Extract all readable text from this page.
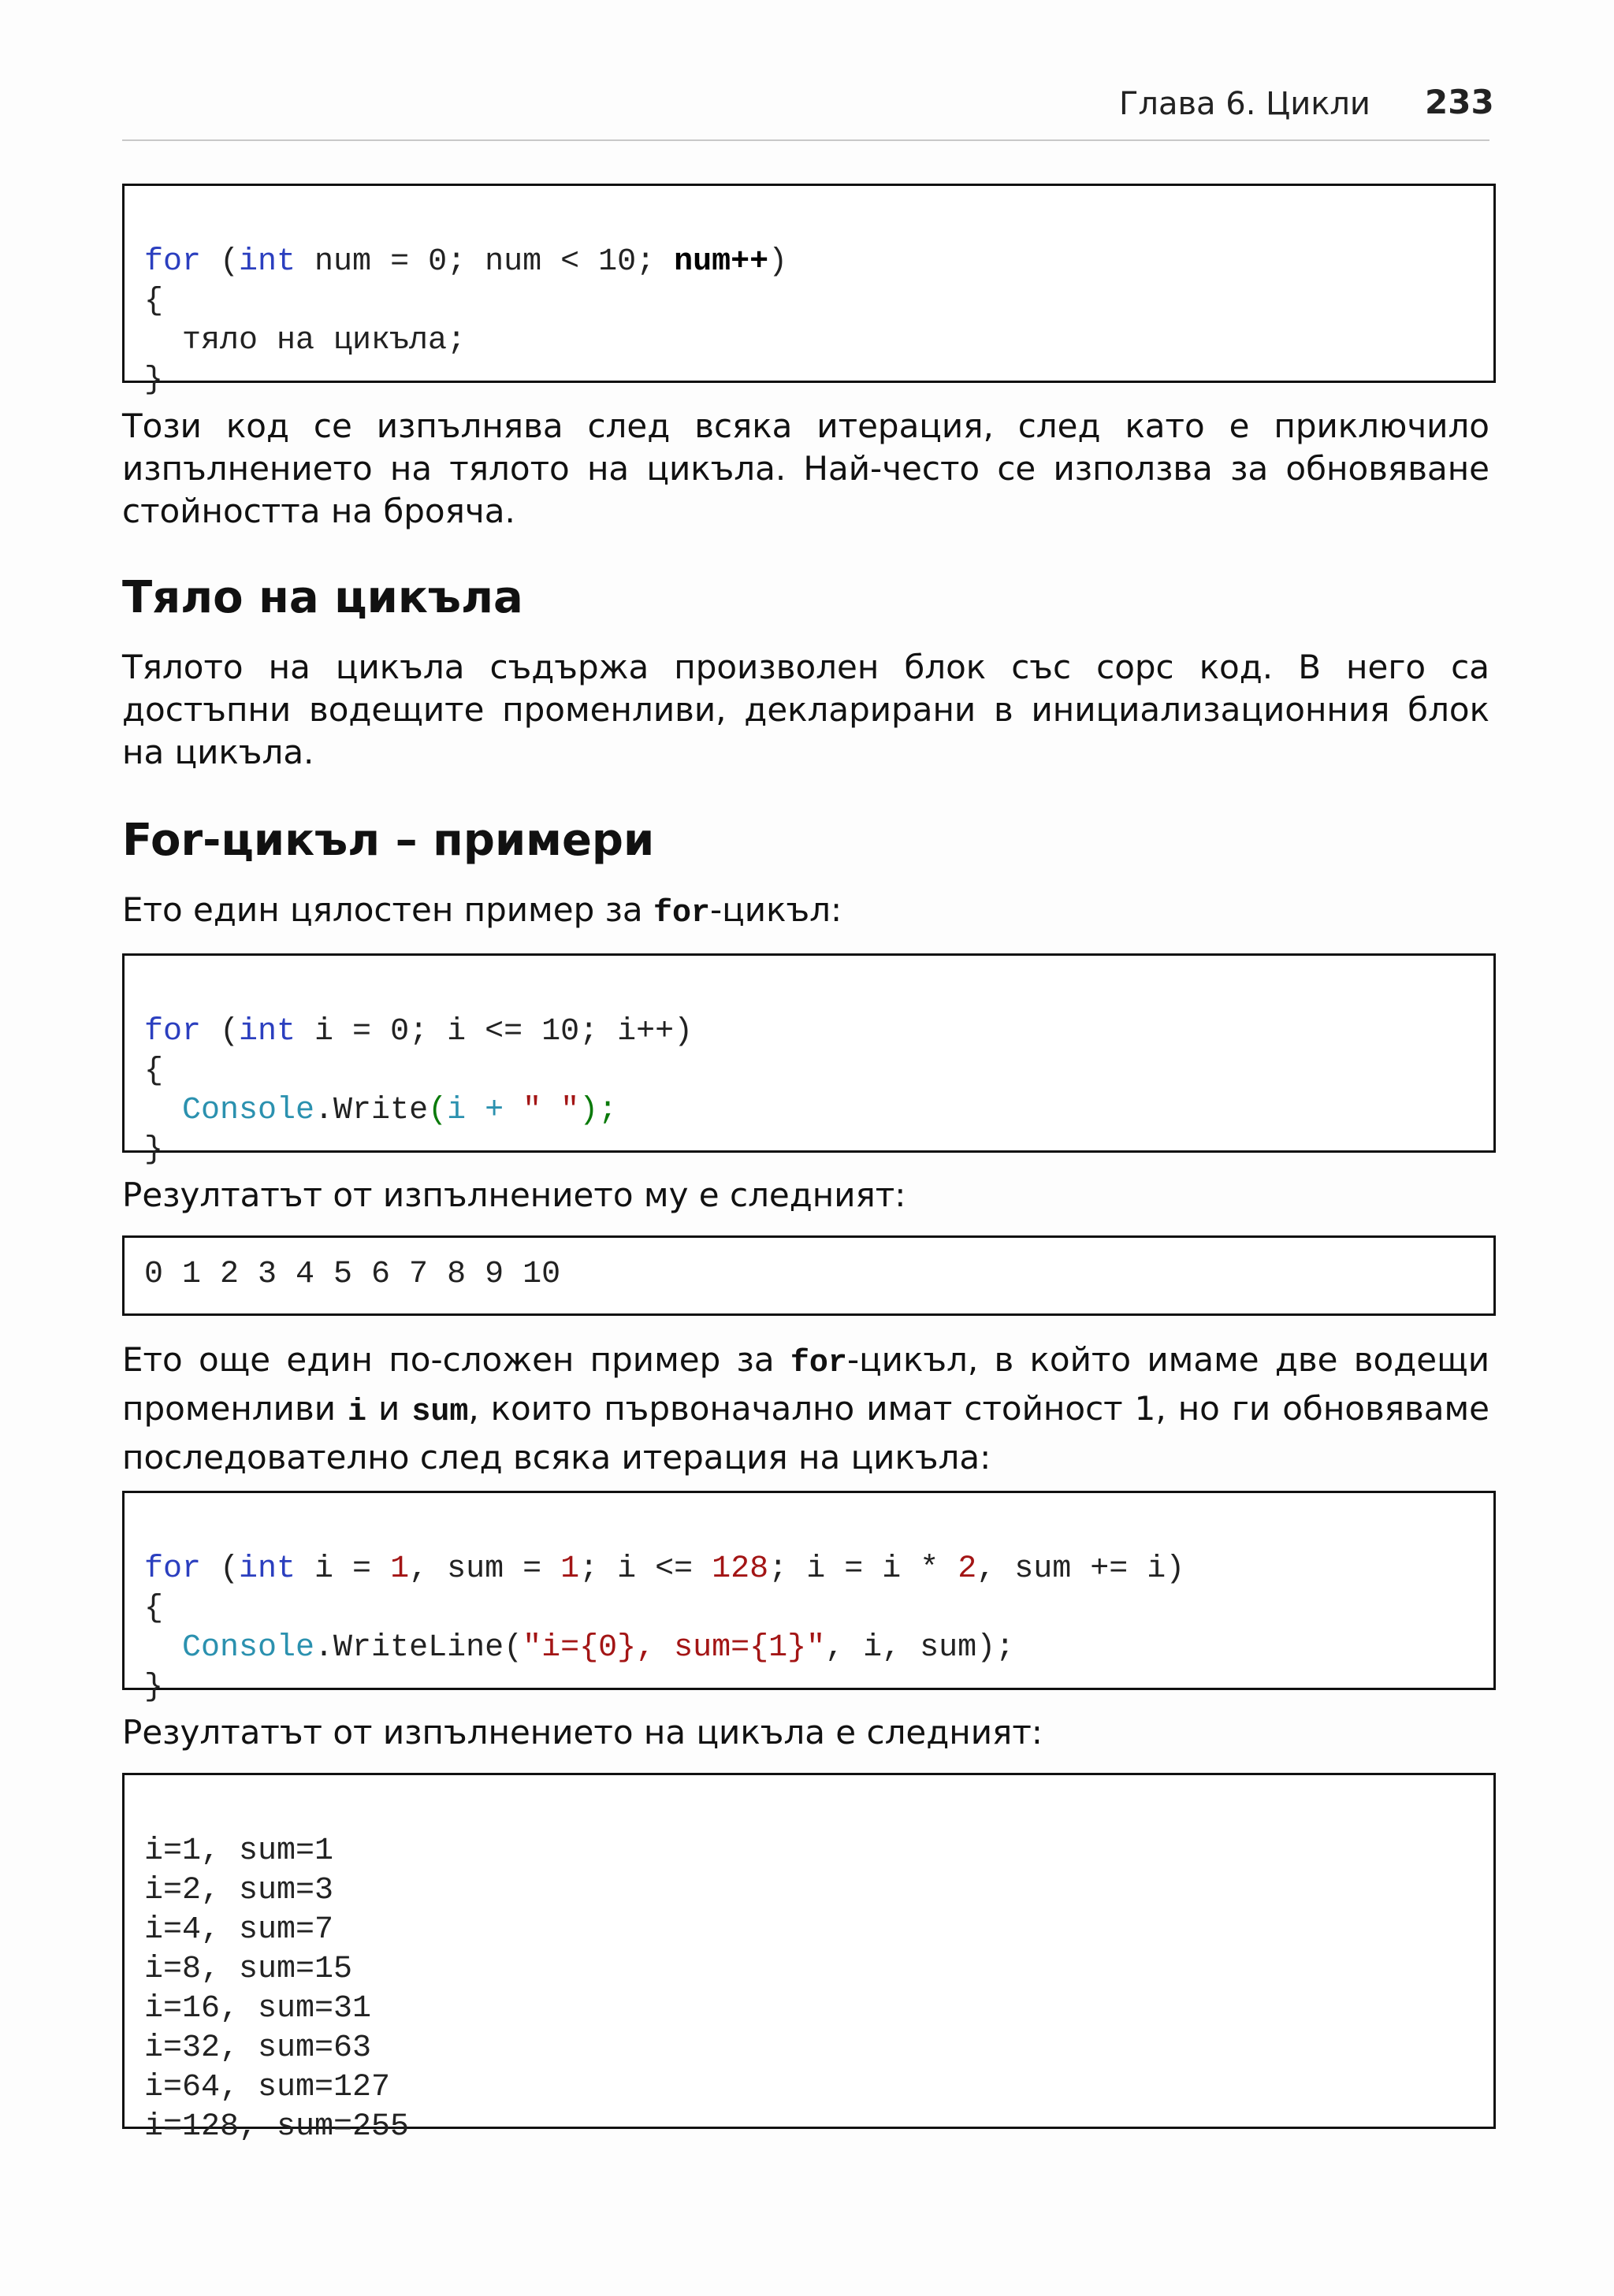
Глава 6. Цикли 233

for (int num = 0; num < 10; num++)
{
тяло на цикъла;
}

Този код се изпълнява след всяка итерация, след като е приключило изпълнението на тялото на цикъла. Най-често се използва за обновяване стойността на брояча.

Тяло на цикъла

Тялото на цикъла съдържа произволен блок със сорс код. В него са достъпни водещите променливи, декларирани в инициализационния блок на цикъла.

For-цикъл – примери

Ето един цялостен пример за for-цикъл:

for (int i = 0; i <= 10; i++)
{
Console.Write(i + " ");
}

Резултатът от изпълнението му е следният:

0 1 2 3 4 5 6 7 8 9 10

Ето още един по-сложен пример за for-цикъл, в който имаме две водещи променливи i и sum, които първоначално имат стойност 1, но ги обновяваме последователно след всяка итерация на цикъла:

for (int i = 1, sum = 1; i <= 128; i = i * 2, sum += i)
{
Console.WriteLine("i={0}, sum={1}", i, sum);
}

Резултатът от изпълнението на цикъла е следният:

i=1, sum=1
i=2, sum=3
i=4, sum=7
i=8, sum=15
i=16, sum=31
i=32, sum=63
i=64, sum=127
i=128, sum=255
